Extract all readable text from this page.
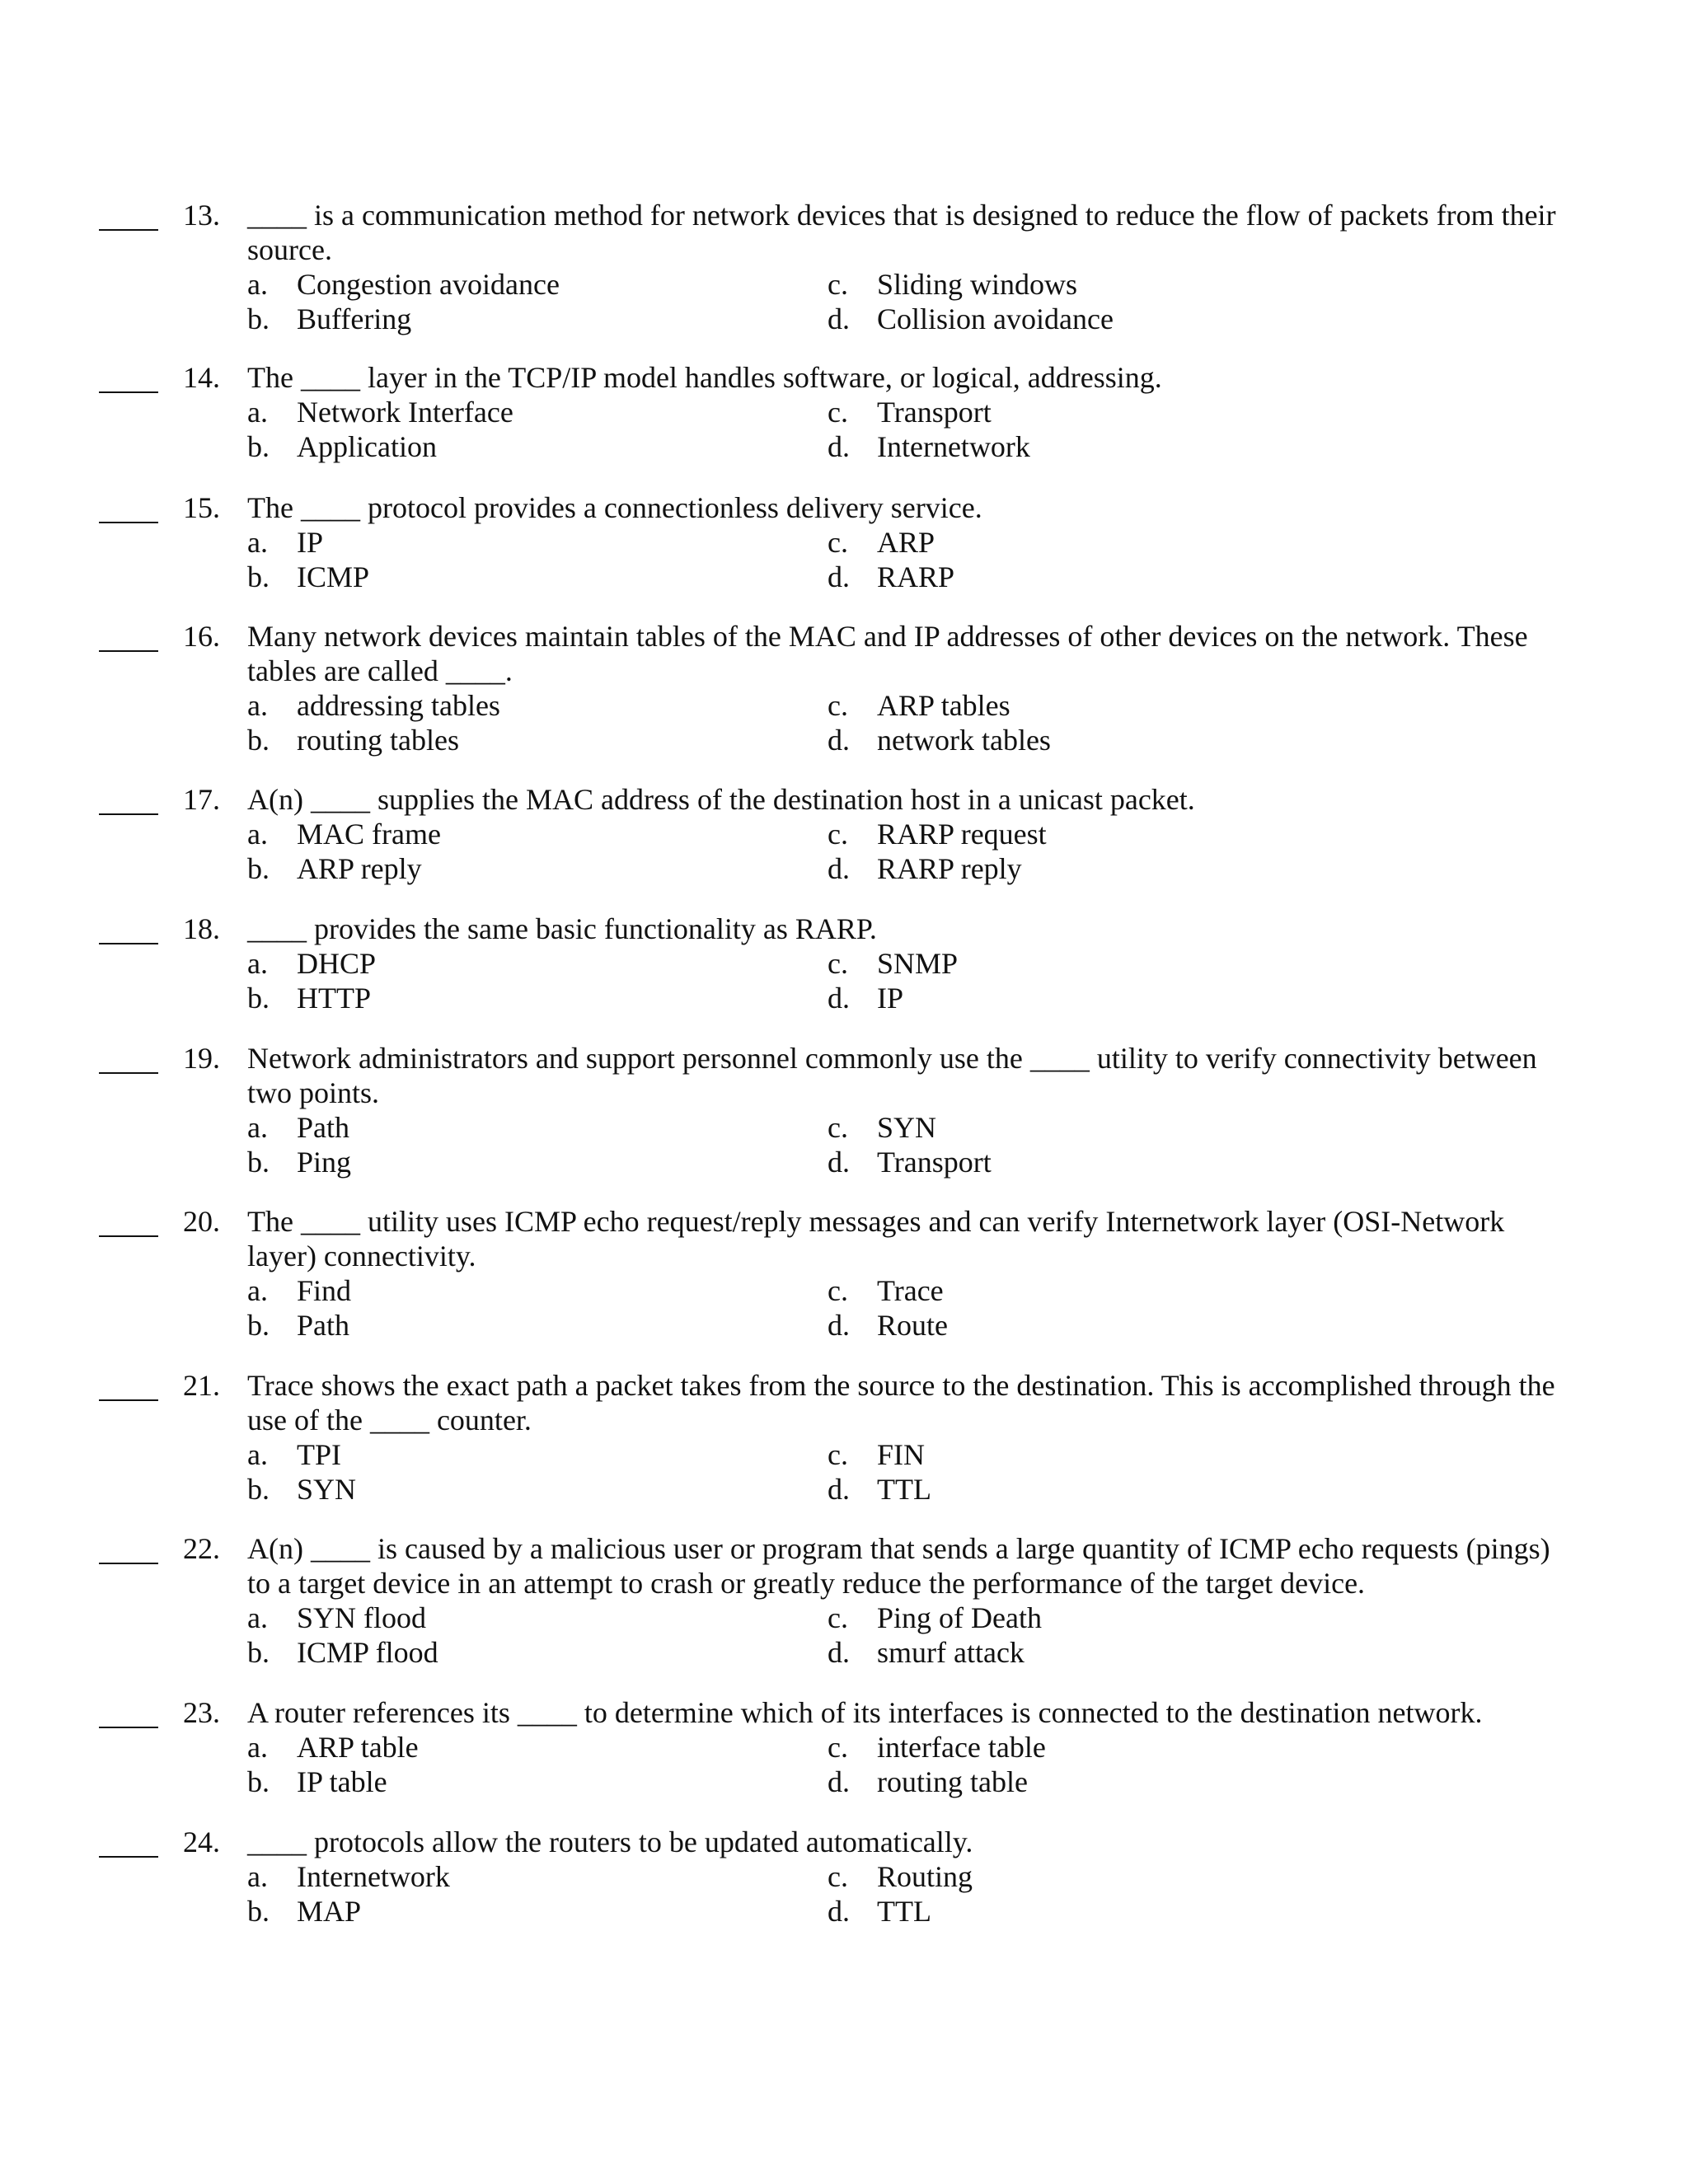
13. ____ is a communication method for network devices that is designed to reduce the flow of packets from their
source.
a. Congestion avoidance
b. Buffering
c. Sliding windows
d. Collision avoidance
14. The ____ layer in the TCP/IP model handles software, or logical, addressing.
a. Network Interface
b. Application
c. Transport
d. Internetwork
15. The ____ protocol provides a connectionless delivery service.
a. IP
b. ICMP
c. ARP
d. RARP
16. Many network devices maintain tables of the MAC and IP addresses of other devices on the network. These
tables are called ____.
a. addressing tables
b. routing tables
c. ARP tables
d. network tables
17. A(n) ____ supplies the MAC address of the destination host in a unicast packet.
a. MAC frame
b. ARP reply
c. RARP request
d. RARP reply
18. ____ provides the same basic functionality as RARP.
a. DHCP
b. HTTP
c. SNMP
d. IP
19. Network administrators and support personnel commonly use the ____ utility to verify connectivity between
two points.
a. Path
b. Ping
c. SYN
d. Transport
20. The ____ utility uses ICMP echo request/reply messages and can verify Internetwork layer (OSI-Network
layer) connectivity.
a. Find
b. Path
c. Trace
d. Route
21. Trace shows the exact path a packet takes from the source to the destination. This is accomplished through the
use of the ____ counter.
a. TPI
b. SYN
c. FIN
d. TTL
22. A(n) ____ is caused by a malicious user or program that sends a large quantity of ICMP echo requests (pings)
to a target device in an attempt to crash or greatly reduce the performance of the target device.
a. SYN flood
b. ICMP flood
c. Ping of Death
d. smurf attack
23. A router references its ____ to determine which of its interfaces is connected to the destination network.
a. ARP table
b. IP table
c. interface table
d. routing table
24. ____ protocols allow the routers to be updated automatically.
a. Internetwork
b. MAP
c. Routing
d. TTL
